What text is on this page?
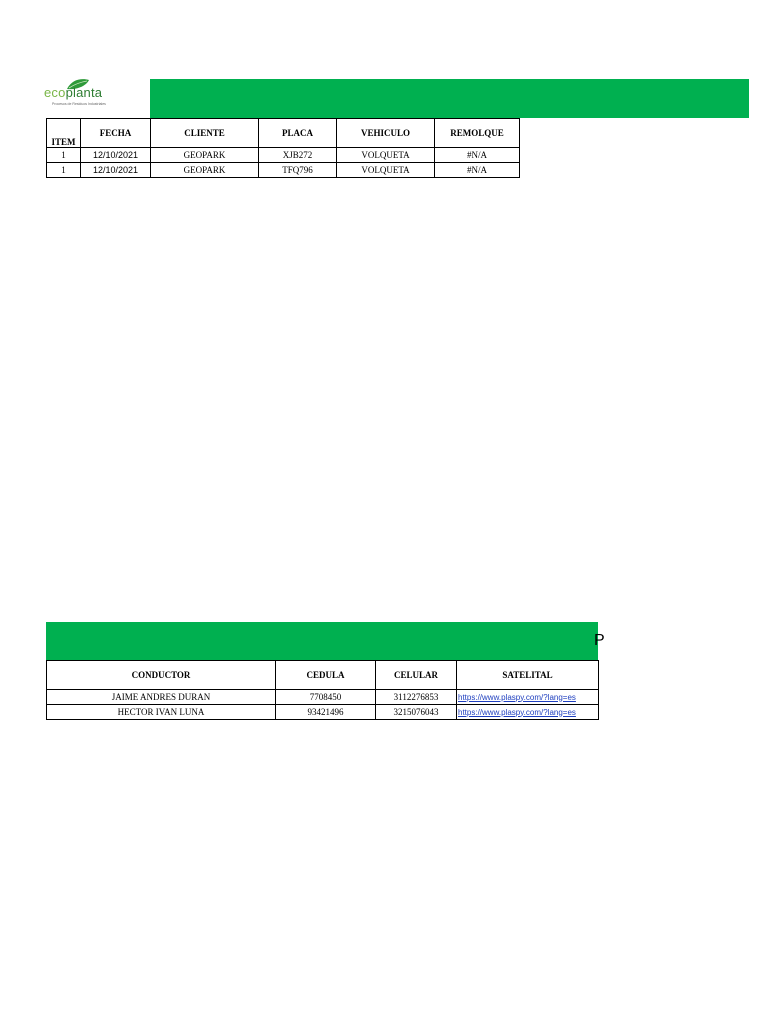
ecoplanta
Procesos de Residuos Industriales
ITEM	FECHA	CLIENTE	PLACA	VEHICULO	REMOLQUE
1	12/10/2021	GEOPARK	XJB272	VOLQUETA	#N/A
1	12/10/2021	GEOPARK	TFQ796	VOLQUETA	#N/A
P
CONDUCTOR	CEDULA	CELULAR	SATELITAL
JAIME ANDRES DURAN	7708450	3112276853	https://www.plaspy.com/?lang=es
HECTOR IVAN LUNA	93421496	3215076043	https://www.plaspy.com/?lang=es
